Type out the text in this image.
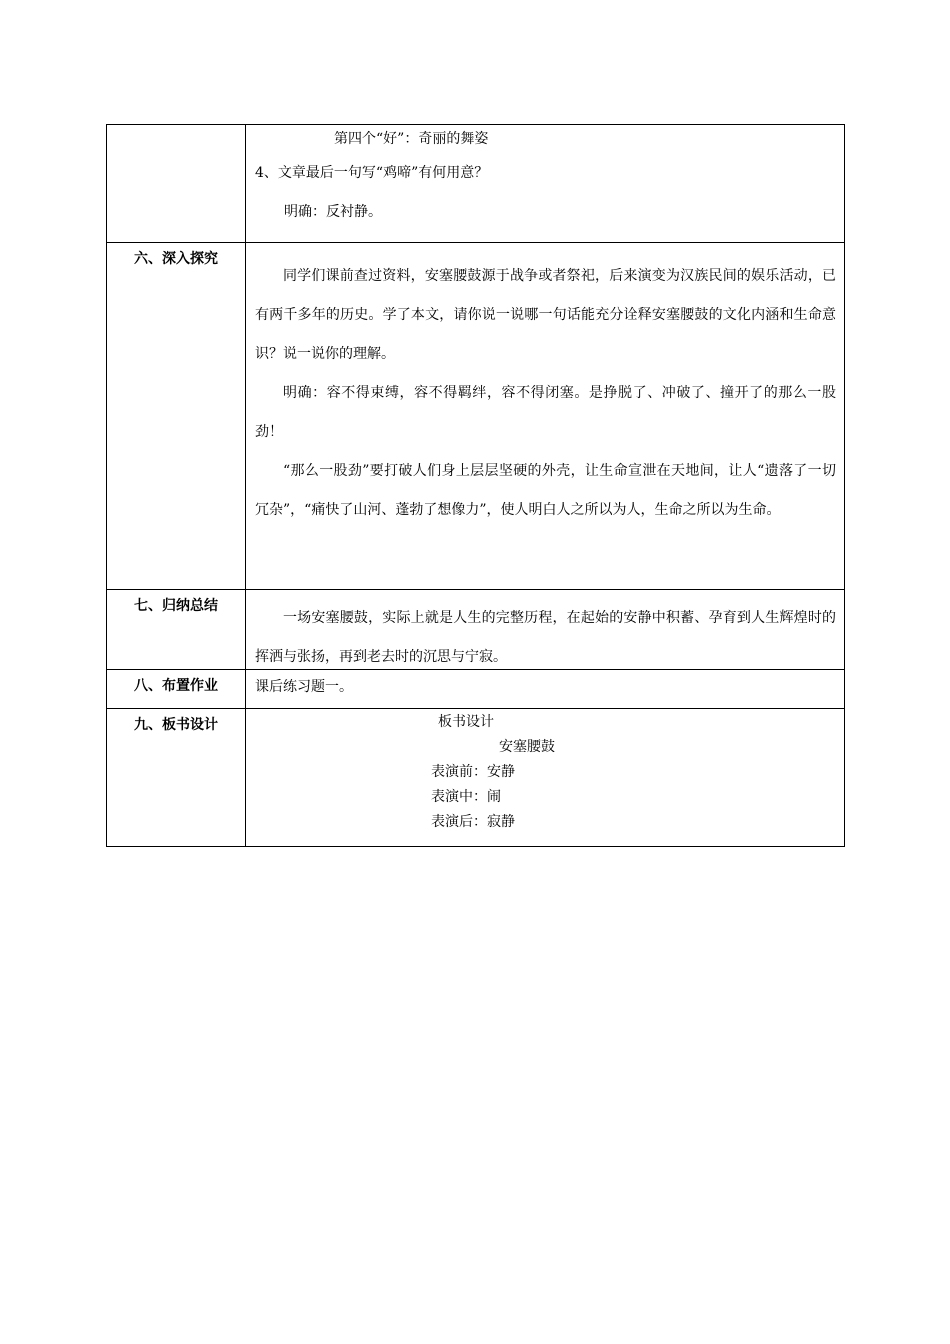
	第四个“好”：奇丽的舞姿
4、文章最后一句写“鸡啼”有何用意？
明确：反衬静。

六、深入探究	同学们课前查过资料，安塞腰鼓源于战争或者祭祀，后来演变为汉族民间的娱乐活动，已有两千多年的历史。学了本文，请你说一说哪一句话能充分诠释安塞腰鼓的文化内涵和生命意识？说一说你的理解。

明确：容不得束缚，容不得羁绊，容不得闭塞。是挣脱了、冲破了、撞开了的那么一股劲！

“那么一股劲”要打破人们身上层层坚硬的外壳，让生命宣泄在天地间，让人“遗落了一切冗杂”，“痛快了山河、蓬勃了想像力”，使人明白人之所以为人，生命之所以为生命。

七、归纳总结	一场安塞腰鼓，实际上就是人生的完整历程，在起始的安静中积蓄、孕育到人生辉煌时的挥洒与张扬，再到老去时的沉思与宁寂。

八、布置作业	课后练习题一。

九、板书设计	板书设计
安塞腰鼓
表演前：安静
表演中：闹
表演后：寂静
